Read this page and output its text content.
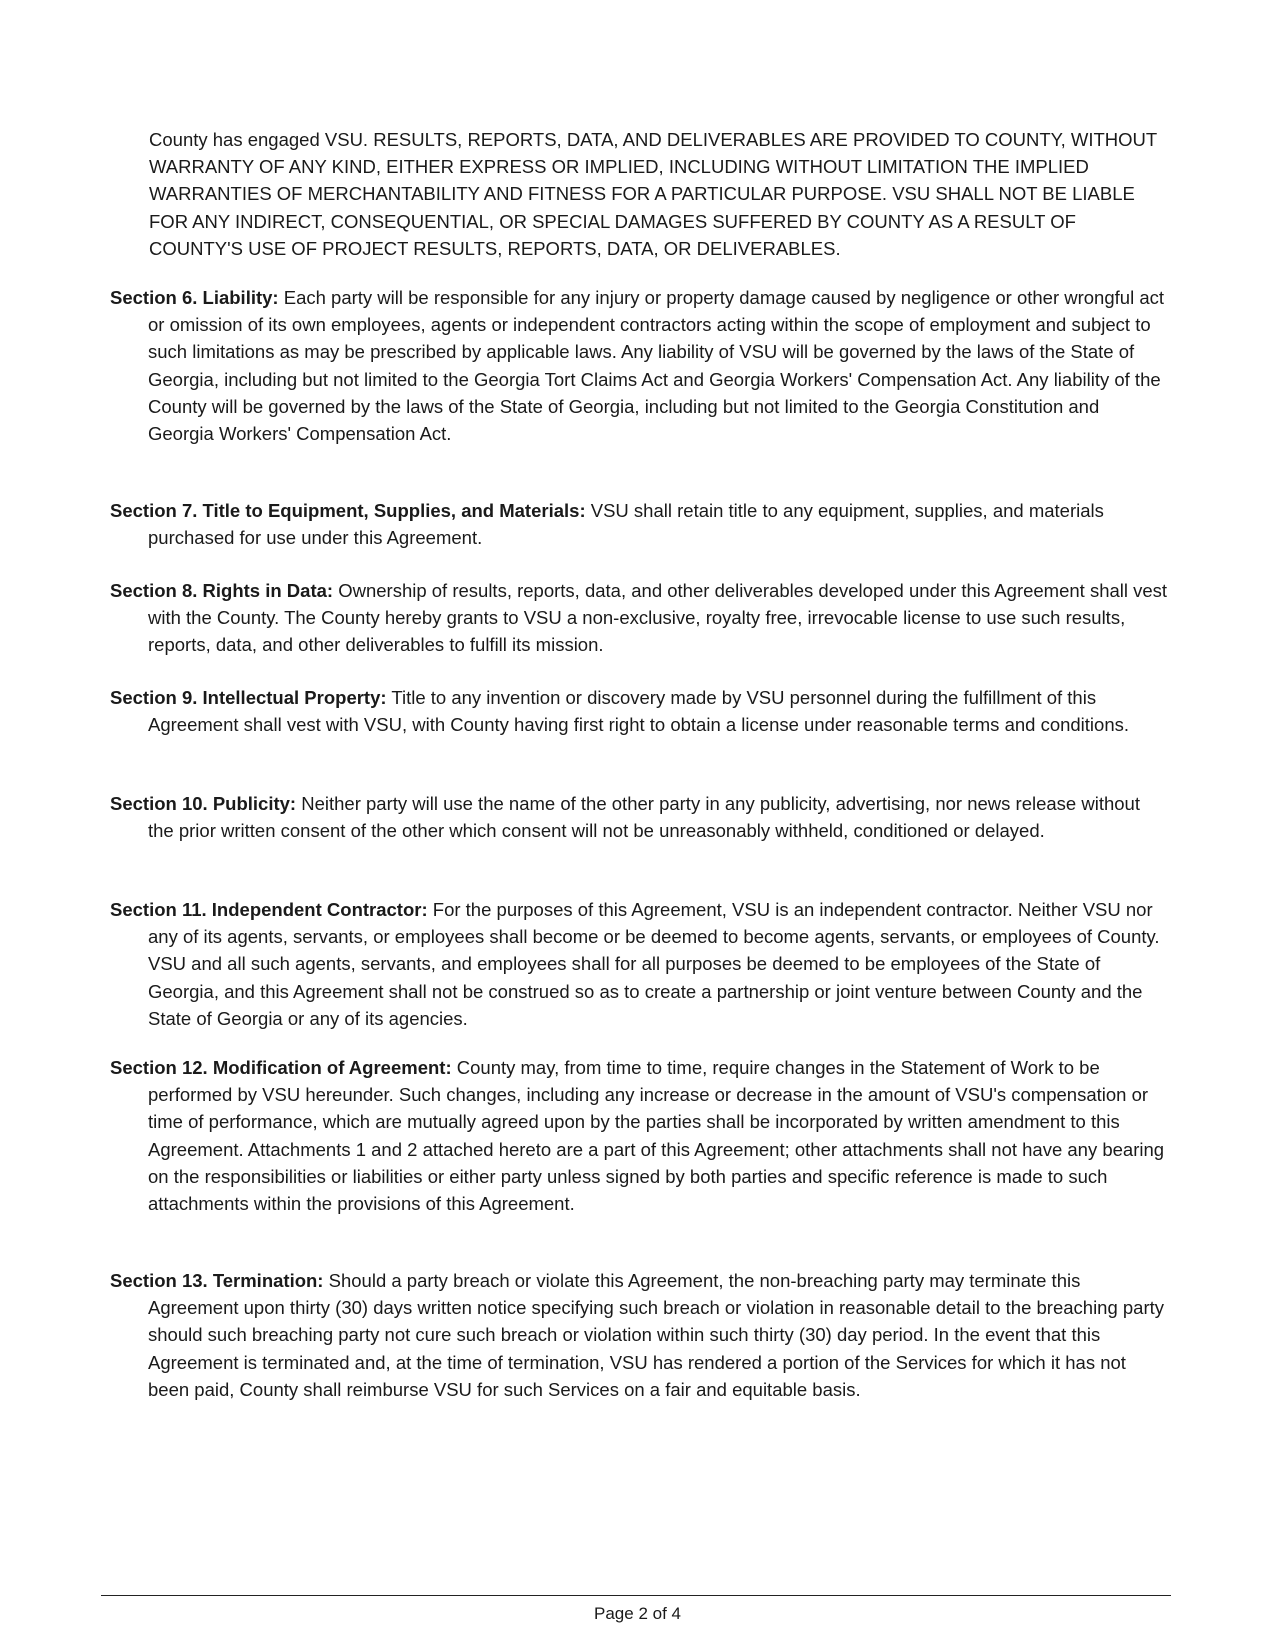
County has engaged VSU. RESULTS, REPORTS, DATA, AND DELIVERABLES ARE PROVIDED TO COUNTY, WITHOUT WARRANTY OF ANY KIND, EITHER EXPRESS OR IMPLIED, INCLUDING WITHOUT LIMITATION THE IMPLIED WARRANTIES OF MERCHANTABILITY AND FITNESS FOR A PARTICULAR PURPOSE. VSU SHALL NOT BE LIABLE FOR ANY INDIRECT, CONSEQUENTIAL, OR SPECIAL DAMAGES SUFFERED BY COUNTY AS A RESULT OF COUNTY'S USE OF PROJECT RESULTS, REPORTS, DATA, OR DELIVERABLES.
Section 6. Liability: Each party will be responsible for any injury or property damage caused by negligence or other wrongful act or omission of its own employees, agents or independent contractors acting within the scope of employment and subject to such limitations as may be prescribed by applicable laws. Any liability of VSU will be governed by the laws of the State of Georgia, including but not limited to the Georgia Tort Claims Act and Georgia Workers' Compensation Act. Any liability of the County will be governed by the laws of the State of Georgia, including but not limited to the Georgia Constitution and Georgia Workers' Compensation Act.
Section 7. Title to Equipment, Supplies, and Materials: VSU shall retain title to any equipment, supplies, and materials purchased for use under this Agreement.
Section 8. Rights in Data: Ownership of results, reports, data, and other deliverables developed under this Agreement shall vest with the County. The County hereby grants to VSU a non-exclusive, royalty free, irrevocable license to use such results, reports, data, and other deliverables to fulfill its mission.
Section 9. Intellectual Property: Title to any invention or discovery made by VSU personnel during the fulfillment of this Agreement shall vest with VSU, with County having first right to obtain a license under reasonable terms and conditions.
Section 10. Publicity: Neither party will use the name of the other party in any publicity, advertising, nor news release without the prior written consent of the other which consent will not be unreasonably withheld, conditioned or delayed.
Section 11. Independent Contractor: For the purposes of this Agreement, VSU is an independent contractor. Neither VSU nor any of its agents, servants, or employees shall become or be deemed to become agents, servants, or employees of County. VSU and all such agents, servants, and employees shall for all purposes be deemed to be employees of the State of Georgia, and this Agreement shall not be construed so as to create a partnership or joint venture between County and the State of Georgia or any of its agencies.
Section 12. Modification of Agreement: County may, from time to time, require changes in the Statement of Work to be performed by VSU hereunder. Such changes, including any increase or decrease in the amount of VSU's compensation or time of performance, which are mutually agreed upon by the parties shall be incorporated by written amendment to this Agreement. Attachments 1 and 2 attached hereto are a part of this Agreement; other attachments shall not have any bearing on the responsibilities or liabilities or either party unless signed by both parties and specific reference is made to such attachments within the provisions of this Agreement.
Section 13. Termination: Should a party breach or violate this Agreement, the non-breaching party may terminate this Agreement upon thirty (30) days written notice specifying such breach or violation in reasonable detail to the breaching party should such breaching party not cure such breach or violation within such thirty (30) day period. In the event that this Agreement is terminated and, at the time of termination, VSU has rendered a portion of the Services for which it has not been paid, County shall reimburse VSU for such Services on a fair and equitable basis.
Page 2 of 4
